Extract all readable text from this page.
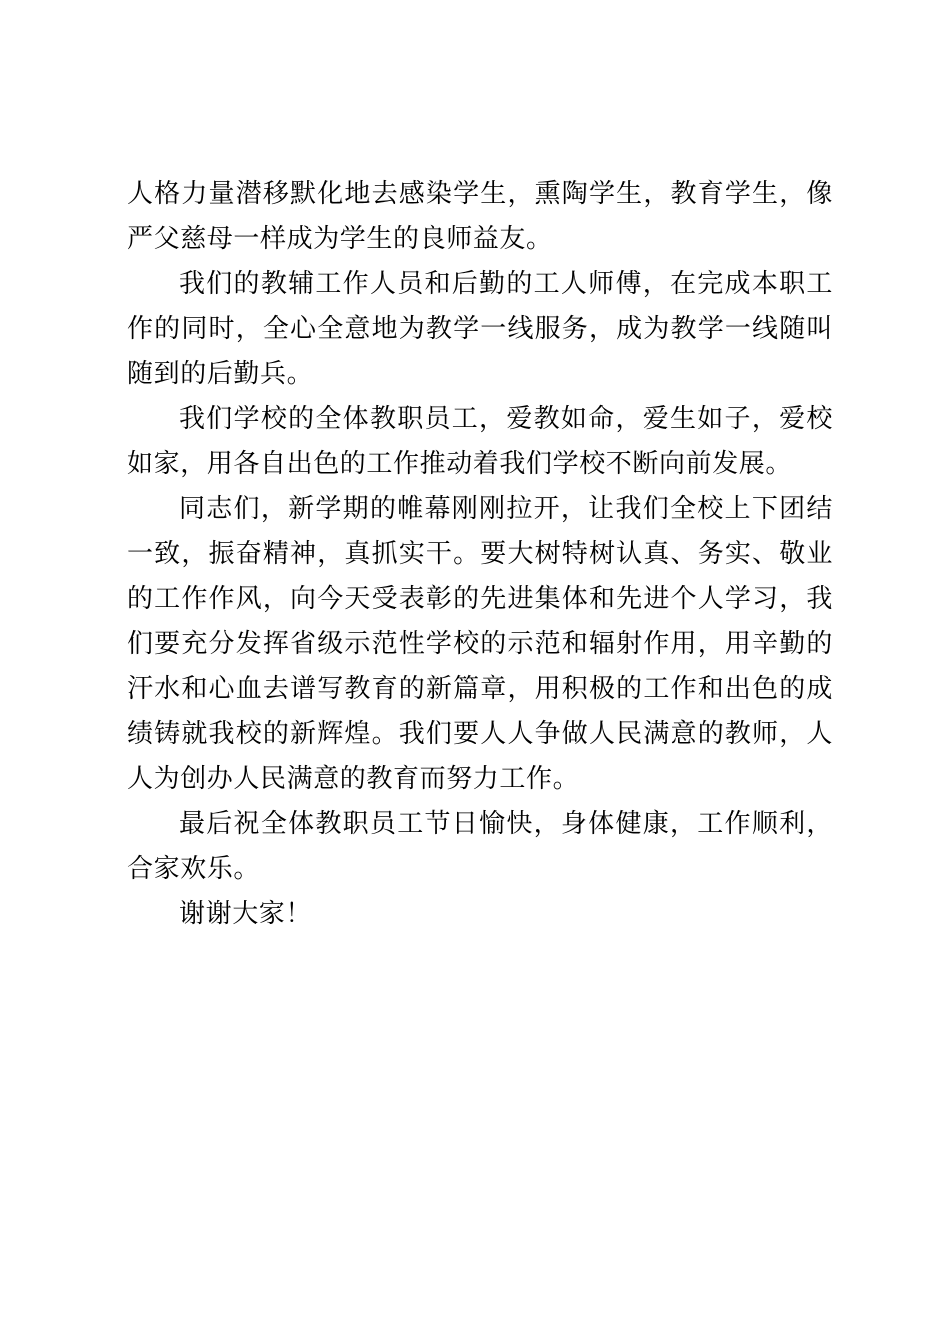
人格力量潜移默化地去感染学生，熏陶学生，教育学生，像严父慈母一样成为学生的良师益友。

我们的教辅工作人员和后勤的工人师傅，在完成本职工作的同时，全心全意地为教学一线服务，成为教学一线随叫随到的后勤兵。

我们学校的全体教职员工，爱教如命，爱生如子，爱校如家，用各自出色的工作推动着我们学校不断向前发展。

同志们，新学期的帷幕刚刚拉开，让我们全校上下团结一致，振奋精神，真抓实干。要大树特树认真、务实、敬业的工作作风，向今天受表彰的先进集体和先进个人学习，我们要充分发挥省级示范性学校的示范和辐射作用，用辛勤的汗水和心血去谱写教育的新篇章，用积极的工作和出色的成绩铸就我校的新辉煌。我们要人人争做人民满意的教师，人人为创办人民满意的教育而努力工作。

最后祝全体教职员工节日愉快，身体健康，工作顺利，合家欢乐。

谢谢大家！
